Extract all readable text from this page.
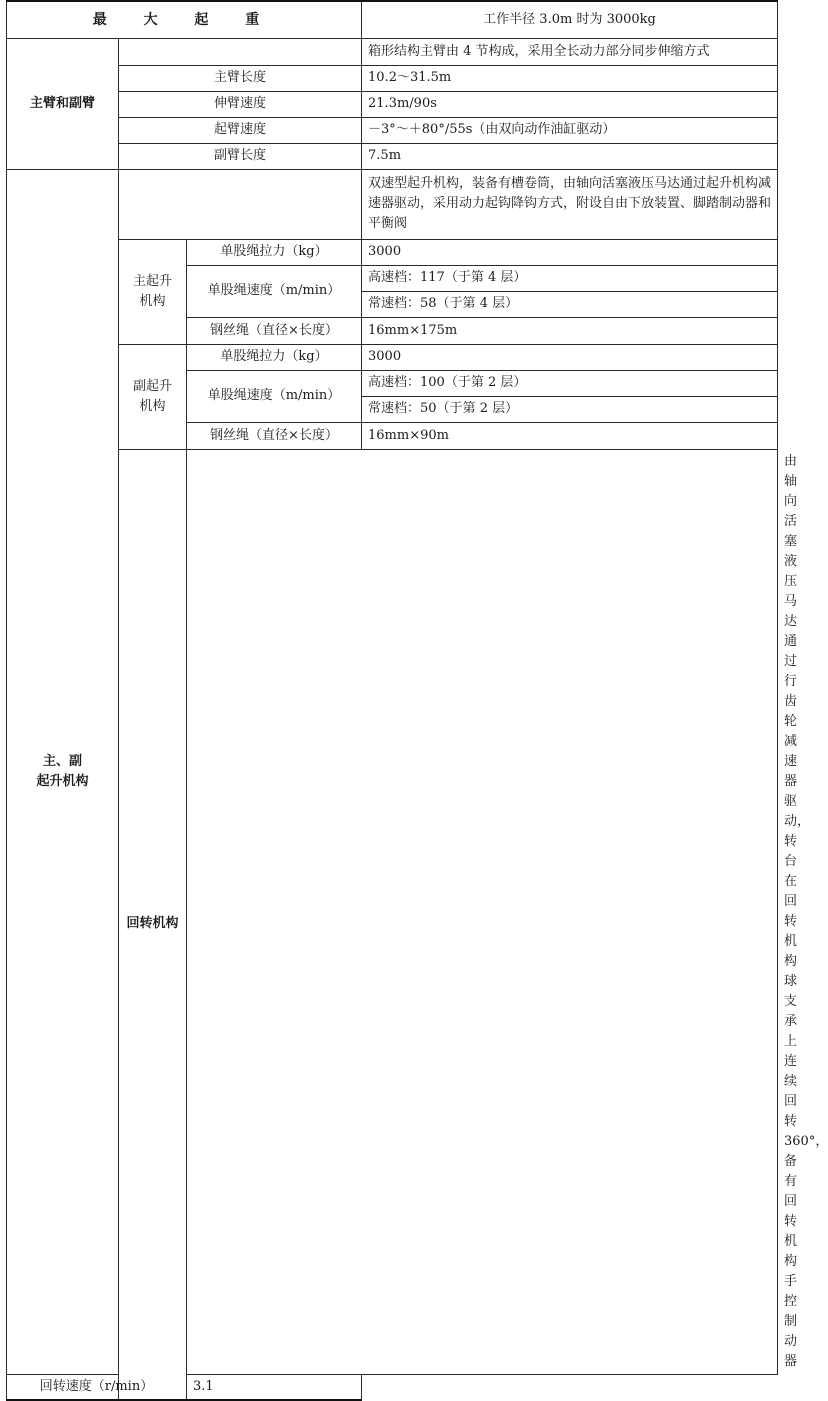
最 大 起 重			工作半径 3.0m 时为 3000kg	
主臂和副臂			箱形结构主臂由 4 节构成，采用全长动力部分同步伸缩方式	
	主臂长度		10.2～31.5m	
	伸臂速度		21.3m/90s	
	起臂速度		－3°～＋80°/55s（由双向动作油缸驱动）	
	副臂长度		7.5m	
主、副
起升机构			双速型起升机构，装备有槽卷筒，由轴向活塞液压马达通过起升机构减速器驱动，采用动力起钩降钩方式，附设自由下放装置、脚踏制动器和平衡阀	
	主起升
机构	单股绳拉力（kg）	3000	
		单股绳速度（m/min）	高速档：117（于第 4 层）	
			常速档：58（于第 4 层）	
		钢丝绳（直径×长度）	16mm×175m	
	副起升
机构	单股绳拉力（kg）	3000	
		单股绳速度（m/min）	高速档：100（于第 2 层）	
			常速档：50（于第 2 层）	
		钢丝绳（直径×长度）	16mm×90m	
	回转机构			由轴向活塞液压马达通过行齿轮减速器驱动，转台在回转机构球支承上连续回转 360°，备有回转机构手控制动器
回转速度（r/min）		3.1		
